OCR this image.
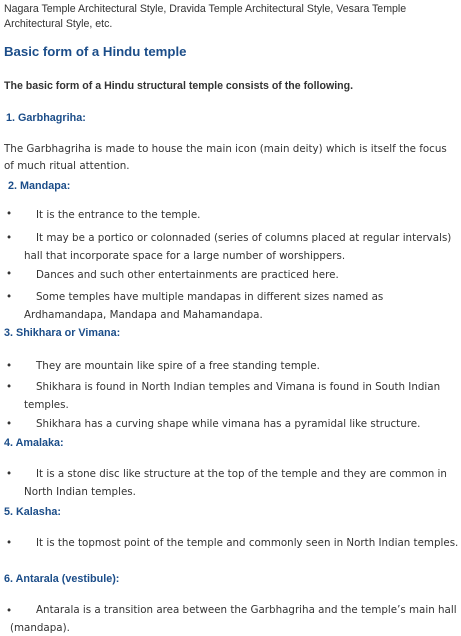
Nagara Temple Architectural Style, Dravida Temple Architectural Style, Vesara Temple Architectural Style, etc.
Basic form of a Hindu temple
The basic form of a Hindu structural temple consists of the following.
1. Garbhagriha:
The Garbhagriha is made to house the main icon (main deity) which is itself the focus of much ritual attention.
2. Mandapa:
•	It is the entrance to the temple.
•	It may be a portico or colonnaded (series of columns placed at regular intervals) hall that incorporate space for a large number of worshippers.
•	Dances and such other entertainments are practiced here.
•	Some temples have multiple mandapas in different sizes named as Ardhamandapa, Mandapa and Mahamandapa.
3. Shikhara or Vimana:
•	They are mountain like spire of a free standing temple.
•	Shikhara is found in North Indian temples and Vimana is found in South Indian temples.
•	Shikhara has a curving shape while vimana has a pyramidal like structure.
4. Amalaka:
•	It is a stone disc like structure at the top of the temple and they are common in North Indian temples.
5. Kalasha:
•	It is the topmost point of the temple and commonly seen in North Indian temples.
6. Antarala (vestibule):
•	Antarala is a transition area between the Garbhagriha and the temple’s main hall (mandapa).
